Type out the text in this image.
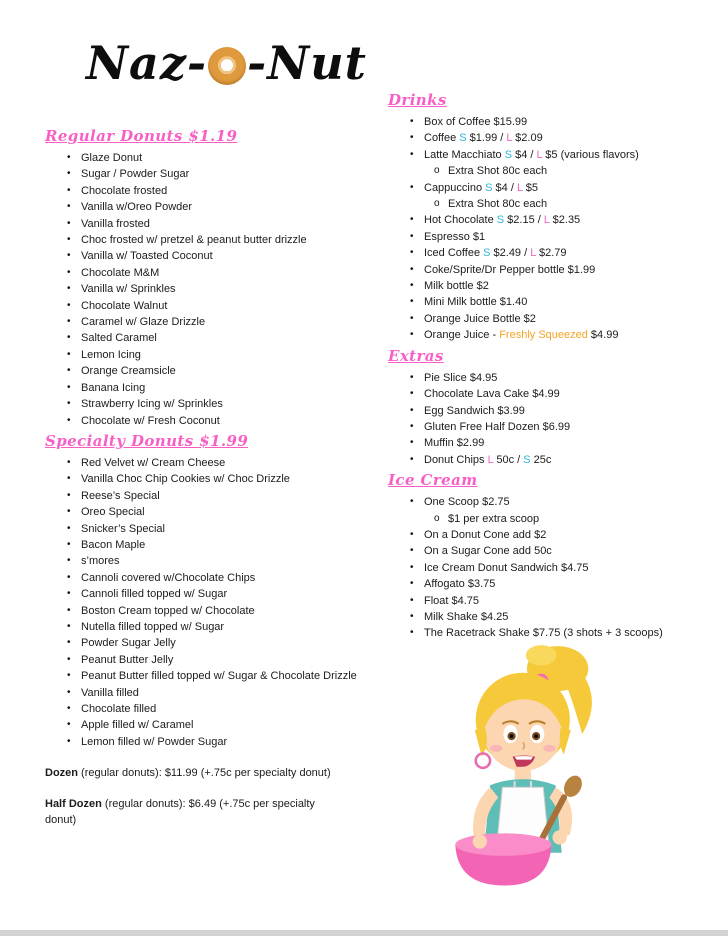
Naz- -Nut
Regular Donuts $1.19
• Glaze Donut
• Sugar / Powder Sugar
• Chocolate frosted
• Vanilla w/Oreo Powder
• Vanilla frosted
• Choc frosted w/ pretzel & peanut butter drizzle
• Vanilla w/ Toasted Coconut
• Chocolate M&M
• Vanilla w/ Sprinkles
• Chocolate Walnut
• Caramel w/ Glaze Drizzle
• Salted Caramel
• Lemon Icing
• Orange Creamsicle
• Banana Icing
• Strawberry Icing w/ Sprinkles
• Chocolate w/ Fresh Coconut
Specialty Donuts $1.99
• Red Velvet w/ Cream Cheese
• Vanilla Choc Chip Cookies w/ Choc Drizzle
• Reese’s Special
• Oreo Special
• Snicker’s Special
• Bacon Maple
• s’mores
• Cannoli covered w/Chocolate Chips
• Cannoli filled topped w/ Sugar
• Boston Cream topped w/ Chocolate
• Nutella filled topped w/ Sugar
• Powder Sugar Jelly
• Peanut Butter Jelly
• Peanut Butter filled topped w/ Sugar & Chocolate Drizzle
• Vanilla filled
• Chocolate filled
• Apple filled w/ Caramel
• Lemon filled w/ Powder Sugar

Dozen (regular donuts): $11.99 (+.75c per specialty donut)

Half Dozen (regular donuts): $6.49 (+.75c per specialty donut)

Drinks
• Box of Coffee $15.99
• Coffee S $1.99 / L $2.09
• Latte Macchiato S $4 / L $5 (various flavors)
o Extra Shot 80c each
• Cappuccino S $4 / L $5
o Extra Shot 80c each
• Hot Chocolate S $2.15 / L $2.35
• Espresso $1
• Iced Coffee S $2.49 / L $2.79
• Coke/Sprite/Dr Pepper bottle $1.99
• Milk bottle $2
• Mini Milk bottle $1.40
• Orange Juice Bottle $2
• Orange Juice - Freshly Squeezed $4.99
Extras
• Pie Slice $4.95
• Chocolate Lava Cake $4.99
• Egg Sandwich $3.99
• Gluten Free Half Dozen $6.99
• Muffin $2.99
• Donut Chips L 50c / S 25c
Ice Cream
• One Scoop $2.75
o $1 per extra scoop
• On a Donut Cone add $2
• On a Sugar Cone add 50c
• Ice Cream Donut Sandwich $4.75
• Affogato $3.75
• Float $4.75
• Milk Shake $4.25
• The Racetrack Shake $7.75 (3 shots + 3 scoops)
